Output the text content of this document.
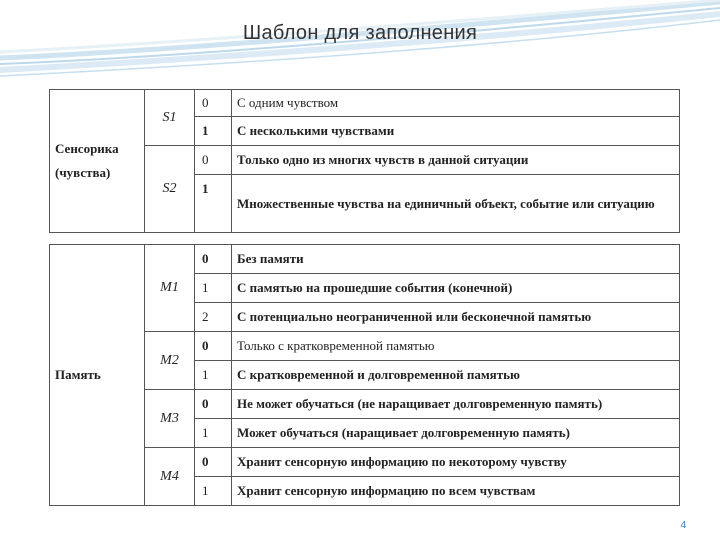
Шаблон для заполнения
Сенсорика
(чувства)	S1	0	С одним чувством
		1	С несколькими чувствами
	S2	0	Только одно из многих чувств в данной ситуации
		1	Множественные чувства на единичный объект, событие или ситуацию
Память	M1	0	Без памяти
		1	С памятью на прошедшие события (конечной)
		2	С потенциально неограниченной или бесконечной памятью
	M2	0	Только с кратковременной памятью
		1	С кратковременной и долговременной памятью
	M3	0	Не может обучаться (не наращивает долговременную память)
		1	Может обучаться (наращивает долговременную память)
	M4	0	Хранит сенсорную информацию по некоторому чувству
		1	Хранит сенсорную информацию по всем чувствам
4
